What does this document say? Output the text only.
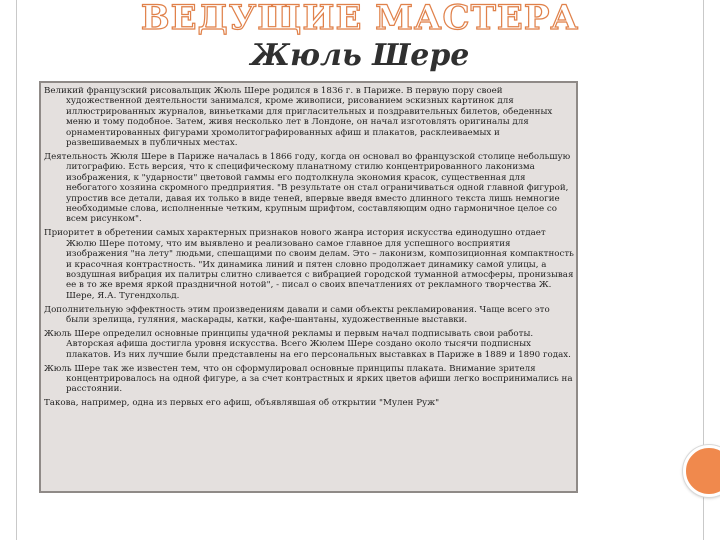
ВЕДУЩИЕ МАСТЕРА
Жюль Шере

Великий французский рисовальщик Жюль Шере родился в 1836 г. в Париже. В первую пору своей художественной деятельности занимался, кроме живописи, рисованием эскизных картинок для иллюстрированных журналов, виньетками для пригласительных и поздравительных билетов, обеденных меню и тому подобное. Затем, живя несколько лет в Лондоне, он начал изготовлять оригиналы для орнаментированных фигурами хромолитографированных афиш и плакатов, расклеиваемых и развешиваемых в публичных местах.

Деятельность Жюля Шере в Париже началась в 1866 году, когда он основал во французской столице небольшую литографию. Есть версия, что к специфическому планатному стилю концентрированного лаконизма изображения, к "ударности" цветовой гаммы его подтолкнула экономия красок, существенная для небогатого хозяина скромного предприятия. "В результате он стал ограничиваться одной главной фигурой, упростив все детали, давая их только в виде теней, впервые введя вместо длинного текста лишь немногие необходимые слова, исполненные четким, крупным шрифтом, составляющим одно гармоничное целое со всем рисунком".

Приоритет в обретении самых характерных признаков нового жанра история искусства единодушно отдает Жюлю Шере потому, что им выявлено и реализовано самое главное для успешного восприятия изображения "на лету" людьми, спешащими по своим делам. Это – лаконизм, композиционная компактность и красочная контрастность. "Их динамика линий и пятен словно продолжает динамику самой улицы, а воздушная вибрация их палитры слитно сливается с вибрацией городской туманной атмосферы, пронизывая ее в то же время яркой праздничной нотой", - писал о своих впечатлениях от рекламного творчества Ж. Шере, Я.А. Тугендхольд.

Дополнительную эффектность этим произведениям давали и сами объекты рекламирования. Чаще всего это были зрелища, гуляния, маскарады, катки, кафе-шантаны, художественные выставки.

Жюль Шере определил основные принципы удачной рекламы и первым начал подписывать свои работы. Авторская афиша достигла уровня искусства. Всего Жюлем Шере создано около тысячи подписных плакатов. Из них лучшие были представлены на его персональных выставках в Париже в 1889 и 1890 годах.

Жюль Шере так же известен тем, что он сформулировал основные принципы плаката. Внимание зрителя концентрировалось на одной фигуре, а за счет контрастных и ярких цветов афиши легко воспринимались на расстоянии.

Такова, например, одна из первых его афиш, объявлявшая об открытии "Мулен Руж"
